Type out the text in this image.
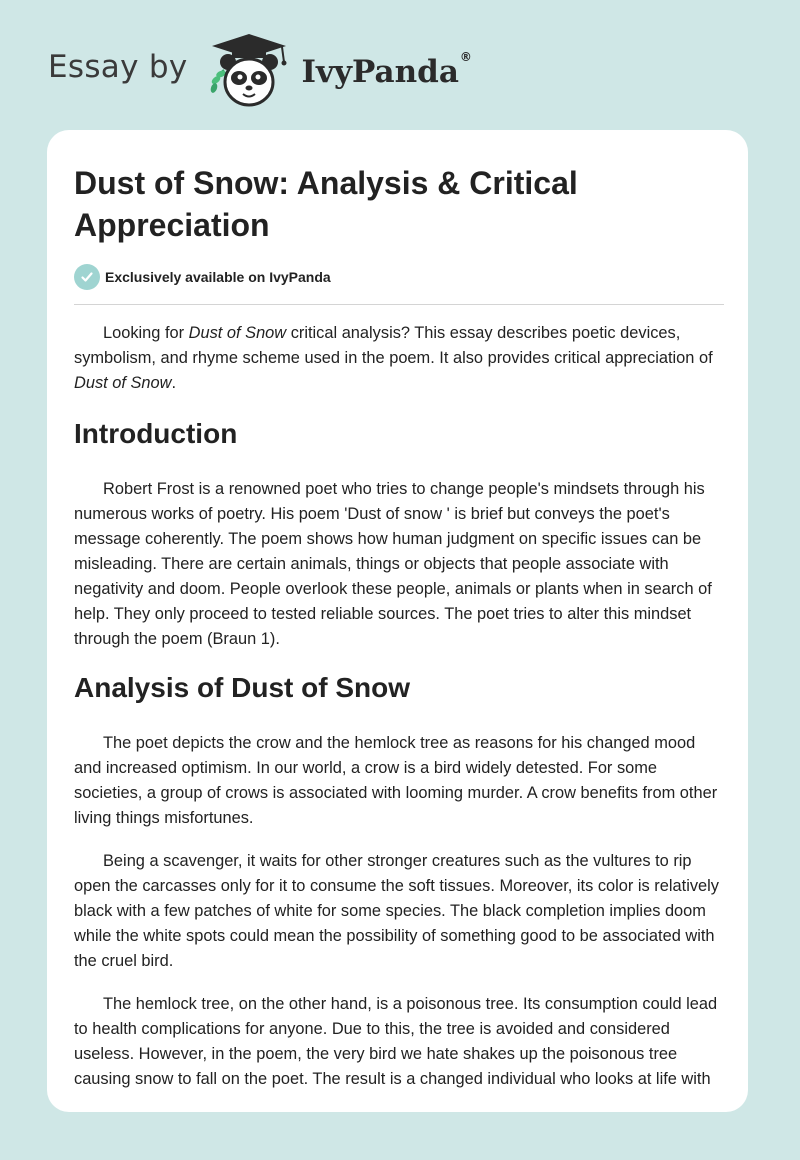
Essay by	IvyPanda®
Dust of Snow: Analysis & Critical Appreciation
Exclusively available on IvyPanda

Looking for Dust of Snow critical analysis? This essay describes poetic devices, symbolism, and rhyme scheme used in the poem. It also provides critical appreciation of Dust of Snow.

Introduction

Robert Frost is a renowned poet who tries to change people's mindsets through his numerous works of poetry. His poem 'Dust of snow ' is brief but conveys the poet's message coherently. The poem shows how human judgment on specific issues can be misleading. There are certain animals, things or objects that people associate with negativity and doom. People overlook these people, animals or plants when in search of help. They only proceed to tested reliable sources. The poet tries to alter this mindset through the poem (Braun 1).

Analysis of Dust of Snow

The poet depicts the crow and the hemlock tree as reasons for his changed mood and increased optimism. In our world, a crow is a bird widely detested. For some societies, a group of crows is associated with looming murder. A crow benefits from other living things misfortunes.

Being a scavenger, it waits for other stronger creatures such as the vultures to rip open the carcasses only for it to consume the soft tissues. Moreover, its color is relatively black with a few patches of white for some species. The black completion implies doom while the white spots could mean the possibility of something good to be associated with the cruel bird.

The hemlock tree, on the other hand, is a poisonous tree. Its consumption could lead to health complications for anyone. Due to this, the tree is avoided and considered useless. However, in the poem, the very bird we hate shakes up the poisonous tree causing snow to fall on the poet. The result is a changed individual who looks at life with
